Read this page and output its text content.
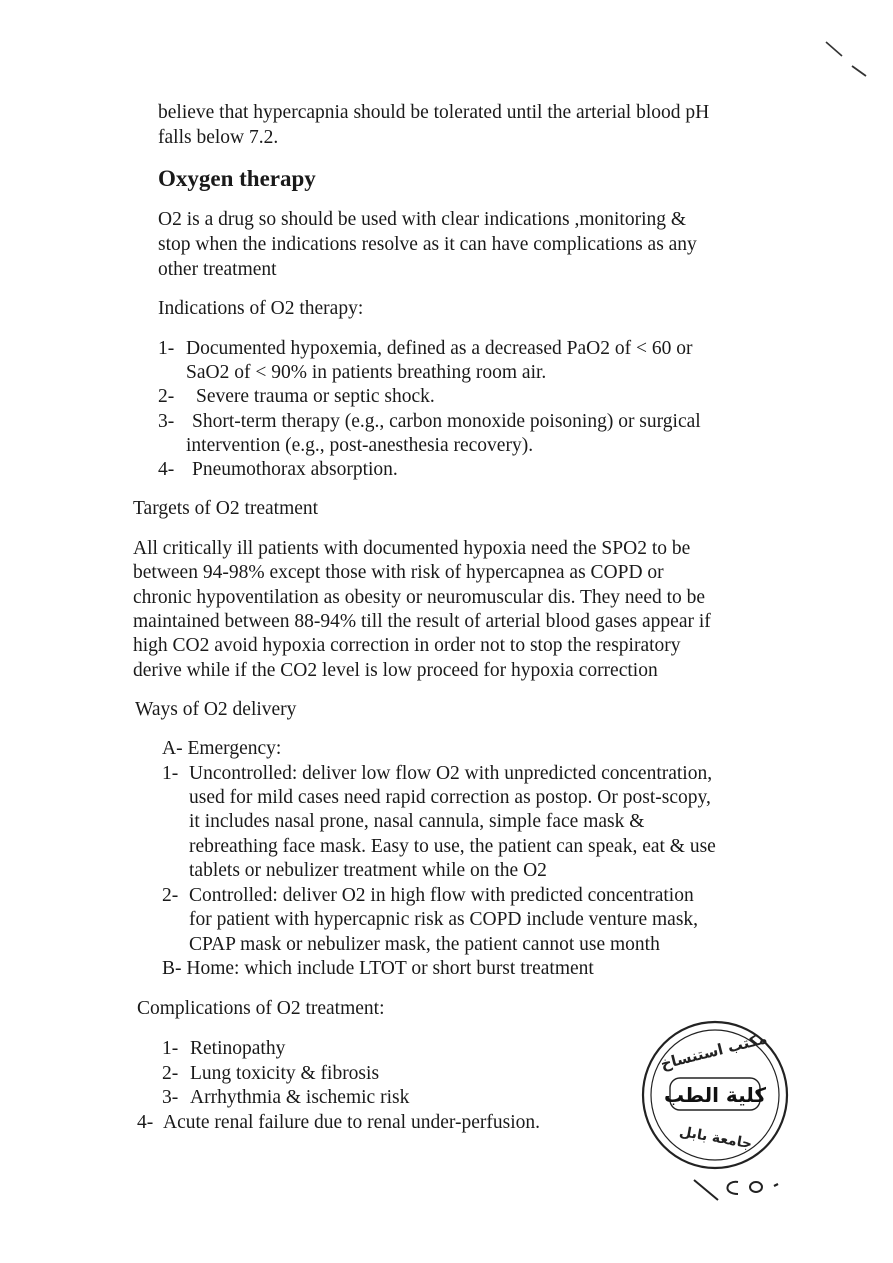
believe that hypercapnia should be tolerated until the arterial blood pH
falls below 7.2.
Oxygen therapy
O2 is a drug so should be used with clear indications ,monitoring &
stop when the indications resolve as it can have complications as any
other treatment
Indications of O2 therapy:
1- Documented hypoxemia, defined as a decreased PaO2 of < 60 or
SaO2 of < 90% in patients breathing room air.
2- Severe trauma or septic shock.
3- Short-term therapy (e.g., carbon monoxide poisoning) or surgical
intervention (e.g., post-anesthesia recovery).
4- Pneumothorax absorption.
Targets of O2 treatment
All critically ill patients with documented hypoxia need the SPO2 to be
between 94-98% except those with risk of hypercapnea as COPD or
chronic hypoventilation as obesity or neuromuscular dis. They need to be
maintained between 88-94% till the result of arterial blood gases appear if
high CO2 avoid hypoxia correction in order not to stop the respiratory
derive while if the CO2 level is low proceed for hypoxia correction
Ways of O2 delivery
A- Emergency:
1- Uncontrolled: deliver low flow O2 with unpredicted concentration,
used for mild cases need rapid correction as postop. Or post-scopy,
it includes nasal prone, nasal cannula, simple face mask &
rebreathing face mask. Easy to use, the patient can speak, eat & use
tablets or nebulizer treatment while on the O2
2- Controlled: deliver O2 in high flow with predicted concentration
for patient with hypercapnic risk as COPD include venture mask,
CPAP mask or nebulizer mask, the patient cannot use month
B- Home: which include LTOT or short burst treatment
Complications of O2 treatment:
1- Retinopathy
2- Lung toxicity & fibrosis
3- Arrhythmia & ischemic risk
4- Acute renal failure due to renal under-perfusion.
مكتب استنساخ
كلية الطب
جامعة بابل
